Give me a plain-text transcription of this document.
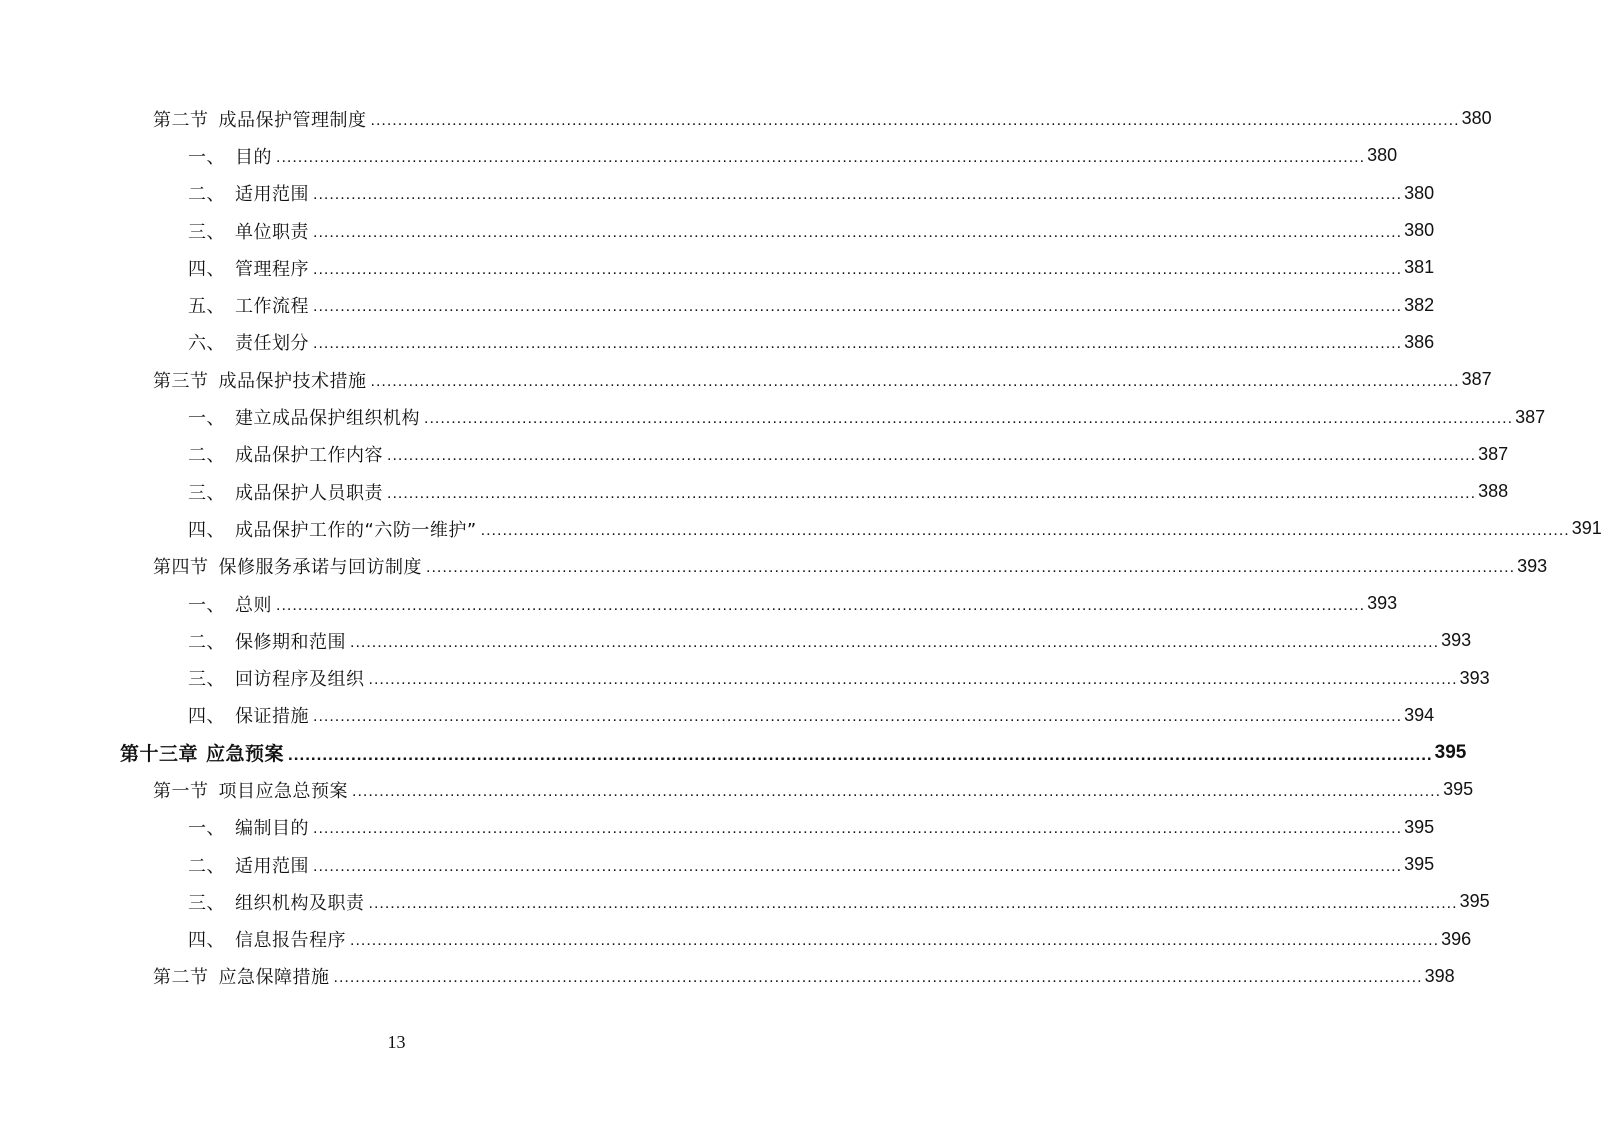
第二节 成品保护管理制度 ........................................................................................................................................................................................................ 380
一、 目的 ........................................................................................................................................................................................................ 380
二、 适用范围 ........................................................................................................................................................................................................ 380
三、 单位职责 ........................................................................................................................................................................................................ 380
四、 管理程序 ........................................................................................................................................................................................................ 381
五、 工作流程 ........................................................................................................................................................................................................ 382
六、 责任划分 ........................................................................................................................................................................................................ 386
第三节 成品保护技术措施 ........................................................................................................................................................................................................ 387
一、 建立成品保护组织机构 ........................................................................................................................................................................................................ 387
二、 成品保护工作内容 ........................................................................................................................................................................................................ 387
三、 成品保护人员职责 ........................................................................................................................................................................................................ 388
四、 成品保护工作的“六防一维护” ........................................................................................................................................................................................................ 391
第四节 保修服务承诺与回访制度 ........................................................................................................................................................................................................ 393
一、 总则 ........................................................................................................................................................................................................ 393
二、 保修期和范围 ........................................................................................................................................................................................................ 393
三、 回访程序及组织 ........................................................................................................................................................................................................ 393
四、 保证措施 ........................................................................................................................................................................................................ 394
第十三章 应急预案 ........................................................................................................................................................................................................ 395
第一节 项目应急总预案 ........................................................................................................................................................................................................ 395
一、 编制目的 ........................................................................................................................................................................................................ 395
二、 适用范围 ........................................................................................................................................................................................................ 395
三、 组织机构及职责 ........................................................................................................................................................................................................ 395
四、 信息报告程序 ........................................................................................................................................................................................................ 396
第二节 应急保障措施 ........................................................................................................................................................................................................ 398
13
